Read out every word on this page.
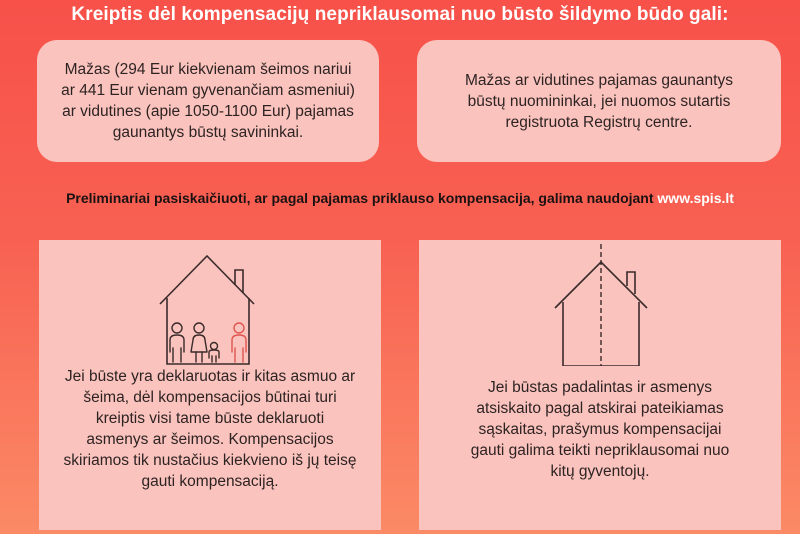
Kreiptis dėl kompensacijų nepriklausomai nuo būsto šildymo būdo gali:
Mažas (294 Eur kiekvienam šeimos nariui
ar 441 Eur vienam gyvenančiam asmeniui)
ar vidutines (apie 1050-1100 Eur) pajamas
gaunantys būstų savininkai.
Mažas ar vidutines pajamas gaunantys
būstų nuomininkai, jei nuomos sutartis
registruota Registrų centre.
Preliminariai pasiskaičiuoti, ar pagal pajamas priklauso kompensacija, galima naudojant www.spis.lt
Jei būste yra deklaruotas ir kitas asmuo ar
šeima, dėl kompensacijos būtinai turi
kreiptis visi tame būste deklaruoti
asmenys ar šeimos. Kompensacijos
skiriamos tik nustačius kiekvieno iš jų teisę
gauti kompensaciją.
Jei būstas padalintas ir asmenys
atsiskaito pagal atskirai pateikiamas
sąskaitas, prašymus kompensacijai
gauti galima teikti nepriklausomai nuo
kitų gyventojų.
